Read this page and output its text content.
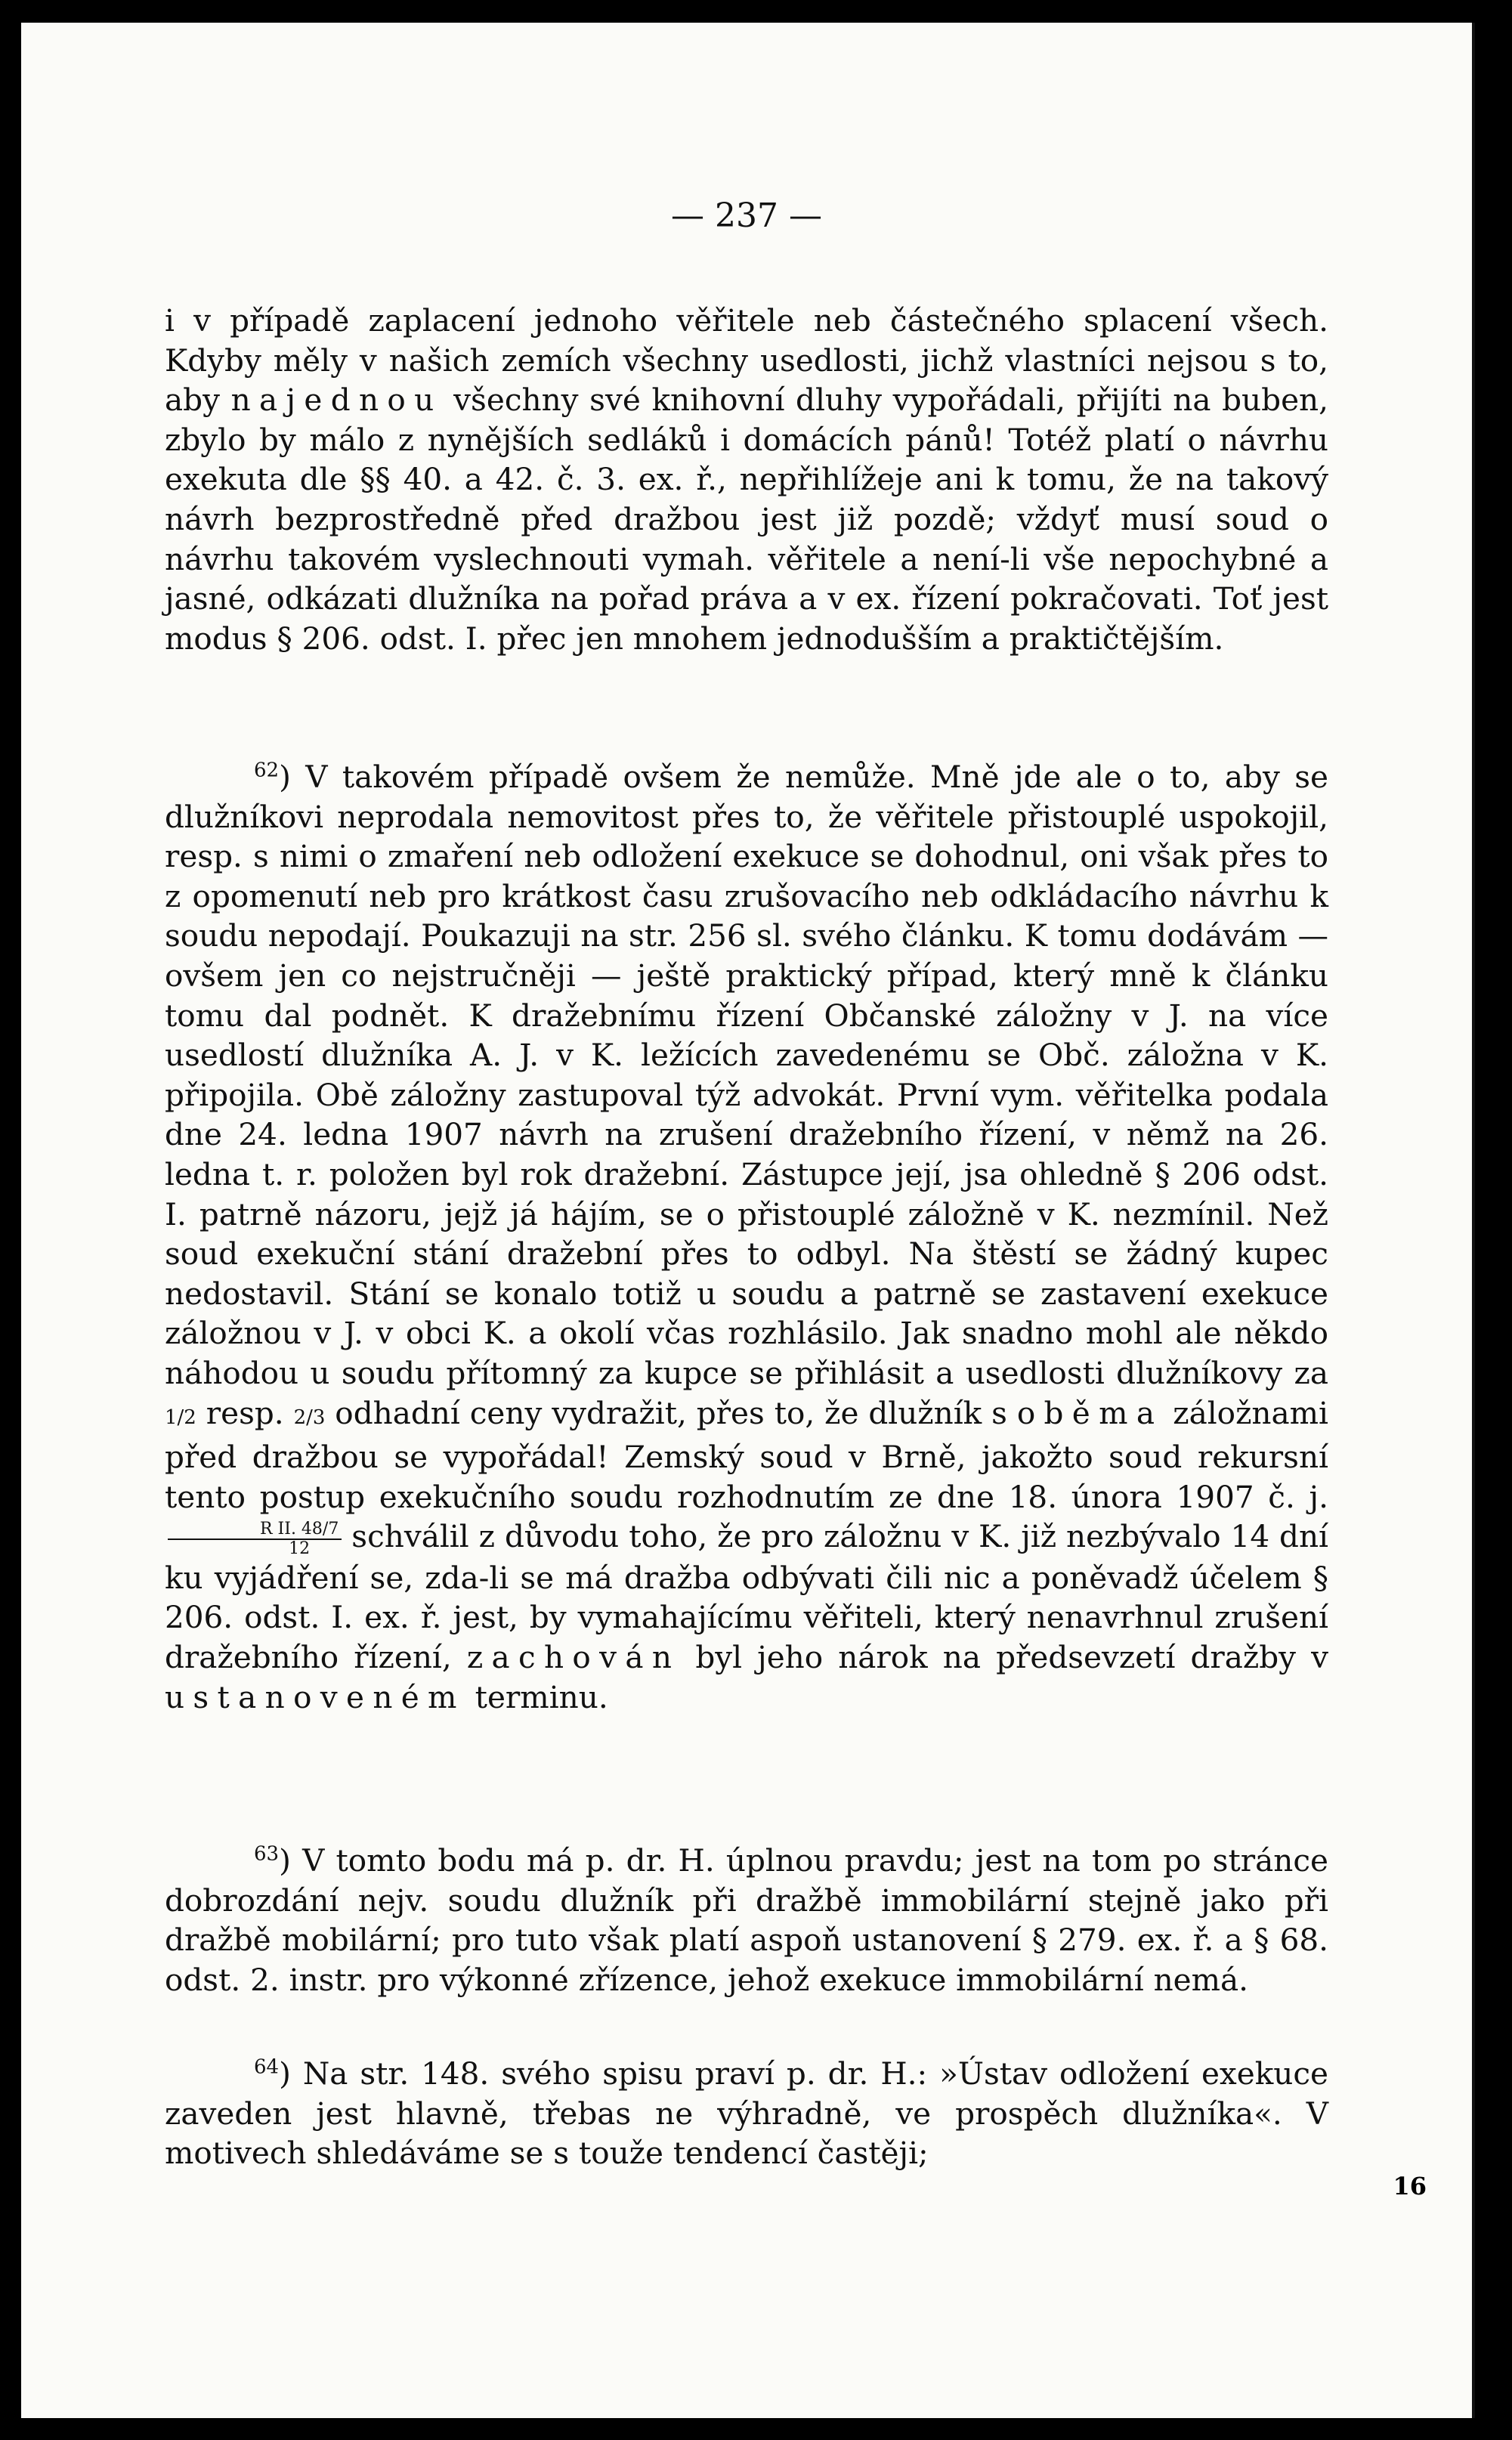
— 237 —

i v případě zaplacení jednoho věřitele neb částečného splacení všech. Kdyby měly v našich zemích všechny usedlosti, jichž vlastníci nejsou s to, aby najednou všechny své knihovní dluhy vypořádali, přijíti na buben, zbylo by málo z nynějších sedláků i domácích pánů! Totéž platí o návrhu exekuta dle §§ 40. a 42. č. 3. ex. ř., nepřihlížeje ani k tomu, že na takový návrh bezprostředně před dražbou jest již pozdě; vždyť musí soud o návrhu takovém vyslechnouti vymah. věřitele a není-li vše nepochybné a jasné, odkázati dlužníka na pořad práva a v ex. řízení pokračovati. Toť jest modus § 206. odst. I. přec jen mnohem jednodušším a praktičtějším.

$^{62}$) V takovém případě ovšem že nemůže. Mně jde ale o to, aby se dlužníkovi neprodala nemovitost přes to, že věřitele přistouplé uspokojil, resp. s nimi o zmaření neb odložení exekuce se dohodnul, oni však přes to z opomenutí neb pro krátkost času zrušovacího neb odkládacího návrhu k soudu nepodají. Poukazuji na str. 256 sl. svého článku. K tomu dodávám — ovšem jen co nejstručněji — ještě praktický případ, který mně k článku tomu dal podnět. K dražebnímu řízení Občanské záložny v J. na více usedlostí dlužníka A. J. v K. ležících zavedenému se Obč. záložna v K. připojila. Obě záložny zastupoval týž advokát. První vym. věřitelka podala dne 24. ledna 1907 návrh na zrušení dražebního řízení, v němž na 26. ledna t. r. položen byl rok dražební. Zástupce její, jsa ohledně § 206 odst. I. patrně názoru, jejž já hájím, se o přistouplé záložně v K. nezmínil. Než soud exekuční stání dražební přes to odbyl. Na štěstí se žádný kupec nedostavil. Stání se konalo totiž u soudu a patrně se zastavení exekuce záložnou v J. v obci K. a okolí včas rozhlásilo. Jak snadno mohl ale někdo náhodou u soudu přítomný za kupce se přihlásit a usedlosti dlužníkovy za 1/2 resp. 2/3 odhadní ceny vydražit, přes to, že dlužník s oběma záložnami před dražbou se vypořádal! Zemský soud v Brně, jakožto soud rekursní tento postup exekučního soudu rozhodnutím ze dne 18. února 1907 č. j.
$\frac{\text{R II. 48/7}}{12}$ schválil z důvodu toho, že pro záložnu v K. již nezbývalo 14 dní ku vyjádření se, zda-li se má dražba odbývati čili nic a poněvadž účelem § 206. odst. I. ex. ř. jest, by vymahajícímu věřiteli, který nenavrhnul zrušení dražebního řízení, zachován byl jeho nárok na předsevzetí dražby v ustanoveném terminu.

$^{63}$) V tomto bodu má p. dr. H. úplnou pravdu; jest na tom po stránce dobrozdání nejv. soudu dlužník při dražbě immobilární stejně jako při dražbě mobilární; pro tuto však platí aspoň ustanovení § 279. ex. ř. a § 68. odst. 2. instr. pro výkonné zřízence, jehož exekuce immobilární nemá.

$^{64}$) Na str. 148. svého spisu praví p. dr. H.: »Ústav odložení exekuce zaveden jest hlavně, třebas ne výhradně, ve prospěch dlužníka«. V motivech shledáváme se s touže tendencí častěji;

16
